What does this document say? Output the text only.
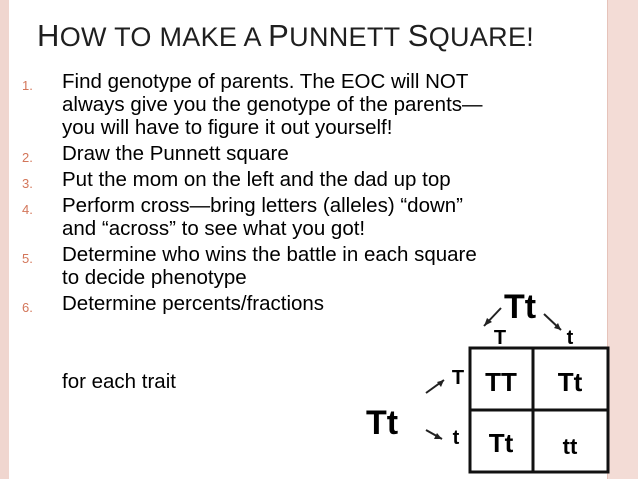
HOW TO MAKE A PUNNETT SQUARE!
1. Find genotype of parents. The EOC will NOT
always give you the genotype of the parents—
you will have to figure it out yourself!
2. Draw the Punnett square
3. Put the mom on the left and the dad up top
4. Perform cross—bring letters (alleles) “down”
and “across” to see what you got!
5. Determine who wins the battle in each square
to decide phenotype
6. Determine percents/fractions
for each trait
Tt
T	t
Tt
T
t
TT Tt
Tt tt
